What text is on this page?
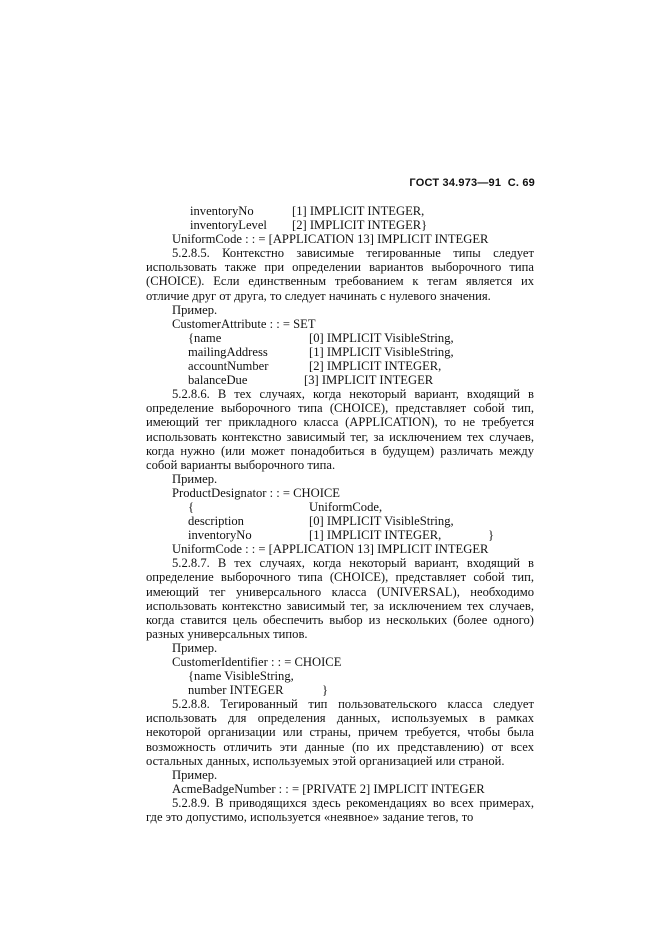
ГОСТ 34.973—91 С. 69
inventoryNo	[1] IMPLICIT INTEGER,
inventoryLevel [2] IMPLICIT INTEGER}
UniformCode : : = [APPLICATION 13] IMPLICIT INTEGER

5.2.8.5. Контекстно зависимые тегированные типы следует использовать также при определении вариантов выборочного типа (CHOICE). Если единственным требованием к тегам является их отличие друг от друга, то следует начинать с нулевого значения.

Пример.
CustomerAttribute : : = SET
{name	[0] IMPLICIT VisibleString,
mailingAddress	[1] IMPLICIT VisibleString,
accountNumber	[2] IMPLICIT INTEGER,
balanceDue	[3] IMPLICIT INTEGER

5.2.8.6. В тех случаях, когда некоторый вариант, входящий в определение выборочного типа (CHOICE), представляет собой тип, имеющий тег прикладного класса (APPLICATION), то не требуется использовать контекстно зависимый тег, за исключением тех случаев, когда нужно (или может понадобиться в будущем) различать между собой варианты выборочного типа.

Пример.
ProductDesignator : : = CHOICE
{	UniformCode,
description	[0] IMPLICIT VisibleString,
inventoryNo	[1] IMPLICIT INTEGER,	}
UniformCode : : = [APPLICATION 13] IMPLICIT INTEGER

5.2.8.7. В тех случаях, когда некоторый вариант, входящий в определение выборочного типа (CHOICE), представляет собой тип, имеющий тег универсального класса (UNIVERSAL), необходимо использовать контекстно зависимый тег, за исключением тех случаев, когда ставится цель обеспечить выбор из нескольких (более одного) разных универсальных типов.

Пример.
CustomerIdentifier : : = CHOICE
{name VisibleString,
number INTEGER	}

5.2.8.8. Тегированный тип пользовательского класса следует использовать для определения данных, используемых в рамках некоторой организации или страны, причем требуется, чтобы была возможность отличить эти данные (по их представлению) от всех остальных данных, используемых этой организацией или страной.

Пример.
AcmeBadgeNumber : : = [PRIVATE 2] IMPLICIT INTEGER

5.2.8.9. В приводящихся здесь рекомендациях во всех примерах, где это допустимо, используется «неявное» задание тегов, то
